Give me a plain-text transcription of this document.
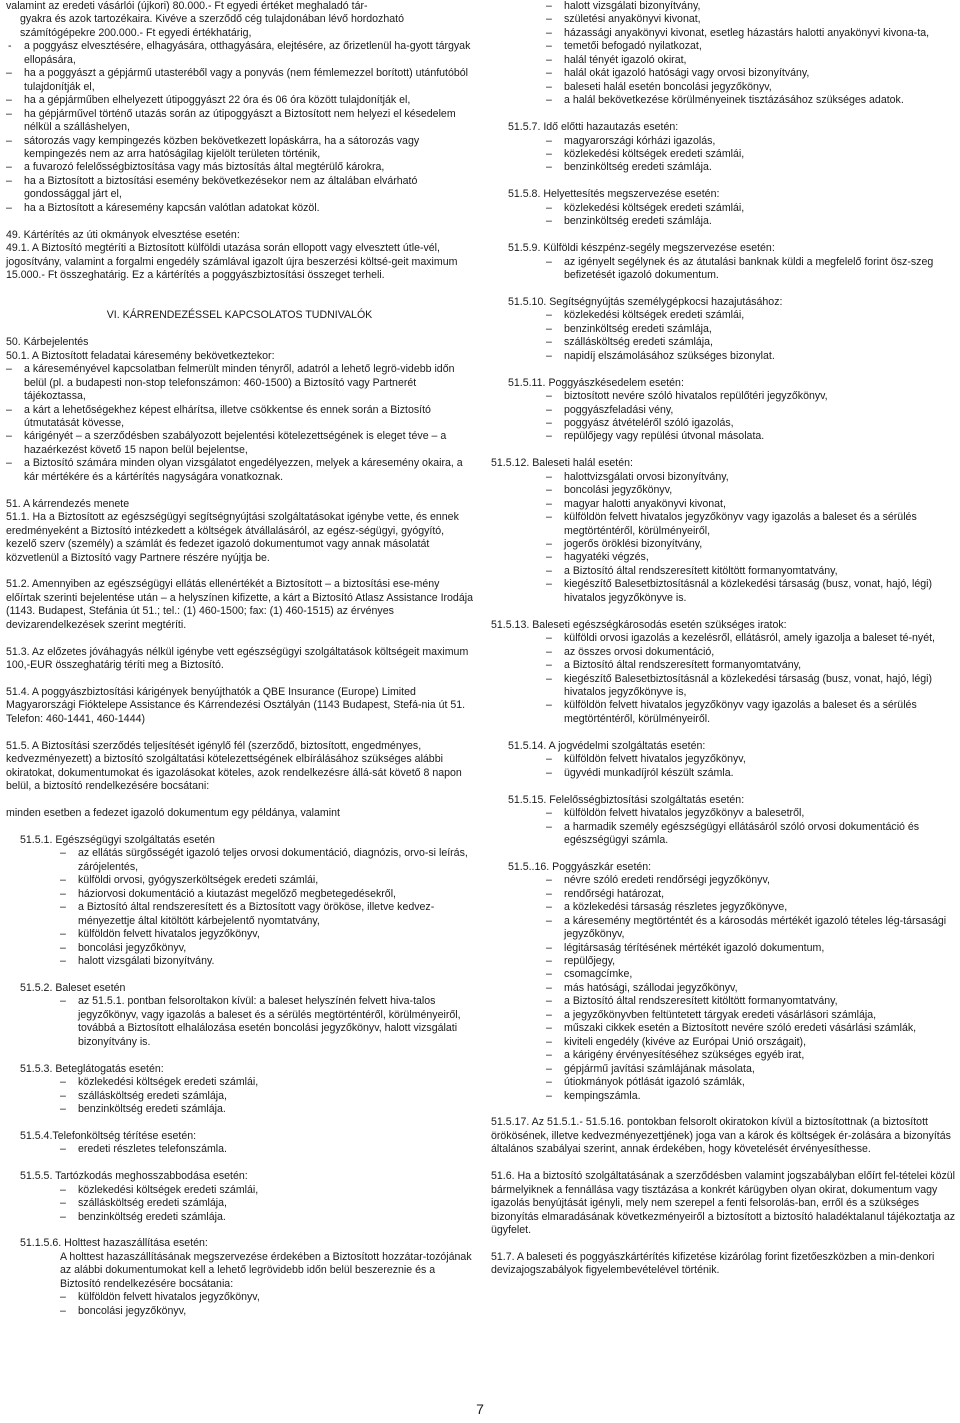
valamint az eredeti vásárlói (újkori) 80.000.- Ft egyedi értéket meghaladó tár-

gyakra és azok tartozékaira. Kivéve a szerződő cég tulajdonában lévő hordozható

számítógépekre 200.000.- Ft egyedi értékhatárig,

- a poggyász elvesztésére, elhagyására, otthagyására, elejtésére, az őrizetlenül ha-gyott tárgyak ellopására,
– ha a poggyászt a gépjármű utasteréből vagy a ponyvás (nem fémlemezzel borított) utánfutóból tulajdonítják el,
– ha a gépjárműben elhelyezett útipoggyászt 22 óra és 06 óra között tulajdonítják el,
– ha gépjárművel történő utazás során az útipoggyászt a Biztosított nem helyezi el késedelem nélkül a szálláshelyen,
– sátorozás vagy kempingezés közben bekövetkezett lopáskárra, ha a sátorozás vagy kempingezés nem az arra hatóságilag kijelölt területen történik,
– a fuvarozó felelősségbiztosítása vagy más biztosítás által megtérülő károkra,
– ha a Biztosított a biztosítási esemény bekövetkezésekor nem az általában elvárható gondossággal járt el,
– ha a Biztosított a káresemény kapcsán valótlan adatokat közöl.

49. Kártérítés az úti okmányok elvesztése esetén:

49.1. A Biztosító megtéríti a Biztosított külföldi utazása során ellopott vagy elvesztett útle-vél, jogosítvány, valamint a forgalmi engedély számlával igazolt újra beszerzési költsé-geit maximum 15.000.- Ft összeghatárig. Ez a kártérítés a poggyászbiztosítási összeget terheli.

VI. KÁRRENDEZÉSSEL KAPCSOLATOS TUDNIVALÓK

50. Kárbejelentés

50.1. A Biztosított feladatai káresemény bekövetkeztekor:

– a káreseményével kapcsolatban felmerült minden tényről, adatról a lehető legrö-videbb időn belül (pl. a budapesti non-stop telefonszámon: 460-1500) a Biztosító vagy Partnerét tájékoztassa,
– a kárt a lehetőségekhez képest elhárítsa, illetve csökkentse és ennek során a Biztosító útmutatását kövesse,
– kárigényét – a szerződésben szabályozott bejelentési kötelezettségének is eleget téve – a hazaérkezést követő 15 napon belül bejelentse,
– a Biztosító számára minden olyan vizsgálatot engedélyezzen, melyek a káresemény okaira, a kár mértékére és a kártérítés nagyságára vonatkoznak.

51. A kárrendezés menete

51.1. Ha a Biztosított az egészségügyi segítségnyújtási szolgáltatásokat igénybe vette, és ennek eredményeként a Biztosító intézkedett a költségek átvállalásáról, az egész-ségügyi, gyógyító, kezelő szerv (személy) a számlát és fedezet igazoló dokumentumot vagy annak másolatát közvetlenül a Biztosító vagy Partnere részére nyújtja be.

51.2. Amennyiben az egészségügyi ellátás ellenértékét a Biztosított – a biztosítási ese-mény előírtak szerinti bejelentése után – a helyszínen kifizette, a kárt a Biztosító Atlasz Assistance Irodája (1143. Budapest, Stefánia út 51.; tel.: (1) 460-1500; fax: (1) 460-1515) az érvényes devizarendelkezések szerint megtéríti.

51.3. Az előzetes jóváhagyás nélkül igénybe vett egészségügyi szolgáltatások költségeit maximum 100,-EUR összeghatárig téríti meg a Biztosító.

51.4. A poggyászbiztosítási kárigények benyújthatók a QBE Insurance (Europe) Limited Magyarországi Fióktelepe Assistance és Kárrendezési Osztályán (1143 Budapest, Stefá-nia út 51. Telefon: 460-1441, 460-1444)

51.5. A Biztosítási szerződés teljesítését igénylő fél (szerződő, biztosított, engedményes, kedvezményezett) a biztosító szolgáltatási kötelezettségének elbírálásához szükséges alábbi okiratokat, dokumentumokat és igazolásokat köteles, azok rendelkezésre állá-sát követő 8 napon belül, a biztosító rendelkezésére bocsátani:

minden esetben a fedezet igazoló dokumentum egy példánya, valamint

51.5.1. Egészségügyi szolgáltatás esetén

– az ellátás sürgősségét igazoló teljes orvosi dokumentáció, diagnózis, orvo-si leírás, zárójelentés,
– külföldi orvosi, gyógyszerköltségek eredeti számlái,
– háziorvosi dokumentáció a kiutazást megelőző megbetegedésekről,
– a Biztosító által rendszeresített és a Biztosított vagy örököse, illetve kedvez-ményezettje által kitöltött kárbejelentő nyomtatvány,
– külföldön felvett hivatalos jegyzőkönyv,
– boncolási jegyzőkönyv,
– halott vizsgálati bizonyítvány.

51.5.2. Baleset esetén

– az 51.5.1. pontban felsoroltakon kívül: a baleset helyszínén felvett hiva-talos jegyzőkönyv, vagy igazolás a baleset és a sérülés megtörténtéről, körülményeiről, továbbá a Biztosított elhalálozása esetén boncolási jegyzőkönyv, halott vizsgálati bizonyítvány is.

51.5.3. Beteglátogatás esetén:

– közlekedési költségek eredeti számlái,
– szállásköltség eredeti számlája,
– benzinköltség eredeti számlája.

51.5.4.Telefonköltség térítése esetén:

– eredeti részletes telefonszámla.

51.5.5. Tartózkodás meghosszabbodása esetén:

– közlekedési költségek eredeti számlái,
– szállásköltség eredeti számlája,
– benzinköltség eredeti számlája.

51.1.5.6. Holttest hazaszállítása esetén:

A holttest hazaszállításának megszervezése érdekében a Biztosított hozzátar-tozójának az alábbi dokumentumokat kell a lehető legrövidebb időn belül beszereznie és a Biztosító rendelkezésére bocsátania:

– külföldön felvett hivatalos jegyzőkönyv,
– boncolási jegyzőkönyv,
– halott vizsgálati bizonyítvány,
– születési anyakönyvi kivonat,
– házassági anyakönyvi kivonat, esetleg házastárs halotti anyakönyvi kivona-ta,
– temetői befogadó nyilatkozat,
– halál tényét igazoló okirat,
– halál okát igazoló hatósági vagy orvosi bizonyítvány,
– baleseti halál esetén boncolási jegyzőkönyv,
– a halál bekövetkezése körülményeinek tisztázásához szükséges adatok.

51.5.7. Idő előtti hazautazás esetén:

– magyarországi kórházi igazolás,
– közlekedési költségek eredeti számlái,
– benzinköltség eredeti számlája.

51.5.8. Helyettesítés megszervezése esetén:

– közlekedési költségek eredeti számlái,
– benzinköltség eredeti számlája.

51.5.9. Külföldi készpénz-segély megszervezése esetén:

– az igényelt segélynek és az átutalási banknak küldi a megfelelő forint ösz-szeg befizetését igazoló dokumentum.

51.5.10. Segítségnyújtás személygépkocsi hazajutásához:

– közlekedési költségek eredeti számlái,
– benzinköltség eredeti számlája,
– szállásköltség eredeti számlája,
– napidíj elszámolásához szükséges bizonylat.

51.5.11. Poggyászkésedelem esetén:

– biztosított nevére szóló hivatalos repülőtéri jegyzőkönyv,
– poggyászfeladási vény,
– poggyász átvételéről szóló igazolás,
– repülőjegy vagy repülési útvonal másolata.

51.5.12. Baleseti halál esetén:

– halottvizsgálati orvosi bizonyítvány,
– boncolási jegyzőkönyv,
– magyar halotti anyakönyvi kivonat,
– külföldön felvett hivatalos jegyzőkönyv vagy igazolás a baleset és a sérülés megtörténtéről, körülményeiről,
– jogerős öröklési bizonyítvány,
– hagyatéki végzés,
– a Biztosító által rendszeresített kitöltött formanyomtatvány,
– kiegészítő Balesetbiztosításnál a közlekedési társaság (busz, vonat, hajó, légi) hivatalos jegyzőkönyve is.

51.5.13. Baleseti egészségkárosodás esetén szükséges iratok:

– külföldi orvosi igazolás a kezelésről, ellátásról, amely igazolja a baleset té-nyét,
– az összes orvosi dokumentáció,
– a Biztosító által rendszeresített formanyomtatvány,
– kiegészítő Balesetbiztosításnál a közlekedési társaság (busz, vonat, hajó, légi) hivatalos jegyzőkönyve is,
– külföldön felvett hivatalos jegyzőkönyv vagy igazolás a baleset és a sérülés megtörténtéről, körülményeiről.

51.5.14. A jogvédelmi szolgáltatás esetén:

– külföldön felvett hivatalos jegyzőkönyv,
– ügyvédi munkadíjról készült számla.

51.5.15. Felelősségbiztosítási szolgáltatás esetén:

– külföldön felvett hivatalos jegyzőkönyv a balesetről,
– a harmadik személy egészségügyi ellátásáról szóló orvosi dokumentáció és egészségügyi számla.

51.5..16. Poggyászkár esetén:

– névre szóló eredeti rendőrségi jegyzőkönyv,
– rendőrségi határozat,
– a közlekedési társaság részletes jegyzőkönyve,
– a káresemény megtörténtét és a károsodás mértékét igazoló tételes lég-társasági jegyzőkönyv,
– légitársaság térítésének mértékét igazoló dokumentum,
– repülőjegy,
– csomagcímke,
– más hatósági, szállodai jegyzőkönyv,
– a Biztosító által rendszeresített kitöltött formanyomtatvány,
– a jegyzőkönyvben feltüntetett tárgyak eredeti vásárlásori számlája,
– műszaki cikkek esetén a Biztosított nevére szóló eredeti vásárlási számlák,
– kiviteli engedély (kivéve az Európai Unió országait),
– a kárigény érvényesítéséhez szükséges egyéb irat,
– gépjármű javítási számlájának másolata,
– útiokmányok pótlását igazoló számlák,
– kempingszámla.

51.5.17. Az 51.5.1.- 51.5.16. pontokban felsorolt okiratokon kívül a biztosítottnak (a biztosított örökösének, illetve kedvezményezettjének) joga van a károk és költségek ér-zolására a bizonyítás általános szabályai szerint, annak érdekében, hogy követelését érvényesíthesse.

51.6. Ha a biztosító szolgáltatásának a szerződésben valamint jogszabályban előírt fel-tételei közül bármelyiknek a fennállása vagy tisztázása a konkrét kárügyben olyan okirat, dokumentum vagy igazolás benyújtását igényli, mely nem szerepel a fenti felsorolás-ban, erről és a szükséges bizonyítás elmaradásának következményeiről a biztosított a biztosító haladéktalanul tájékoztatja az ügyfelet.

51.7. A baleseti és poggyászkártérítés kifizetése kizárólag forint fizetőeszközben a min-denkori devizajogszabályok figyelembevételével történik.

7
